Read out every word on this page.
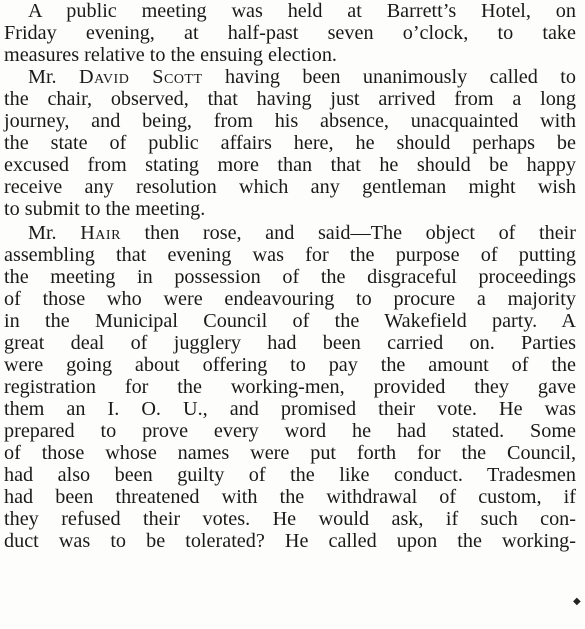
A public meeting was held at Barrett’s Hotel, on
Friday evening, at half-past seven o’clock, to take
measures relative to the ensuing election.
Mr. David Scott having been unanimously called to
the chair, observed, that having just arrived from a long
journey, and being, from his absence, unacquainted with
the state of public affairs here, he should perhaps be
excused from stating more than that he should be happy
receive any resolution which any gentleman might wish
to submit to the meeting.
Mr. Hair then rose, and said—The object of their
assembling that evening was for the purpose of putting
the meeting in possession of the disgraceful proceedings
of those who were endeavouring to procure a majority
in the Municipal Council of the Wakefield party. A
great deal of jugglery had been carried on. Parties
were going about offering to pay the amount of the
registration for the working-men, provided they gave
them an I. O. U., and promised their vote. He was
prepared to prove every word he had stated. Some
of those whose names were put forth for the Council,
had also been guilty of the like conduct. Tradesmen
had been threatened with the withdrawal of custom, if
they refused their votes. He would ask, if such con-
duct was to be tolerated? He called upon the working-
◆
